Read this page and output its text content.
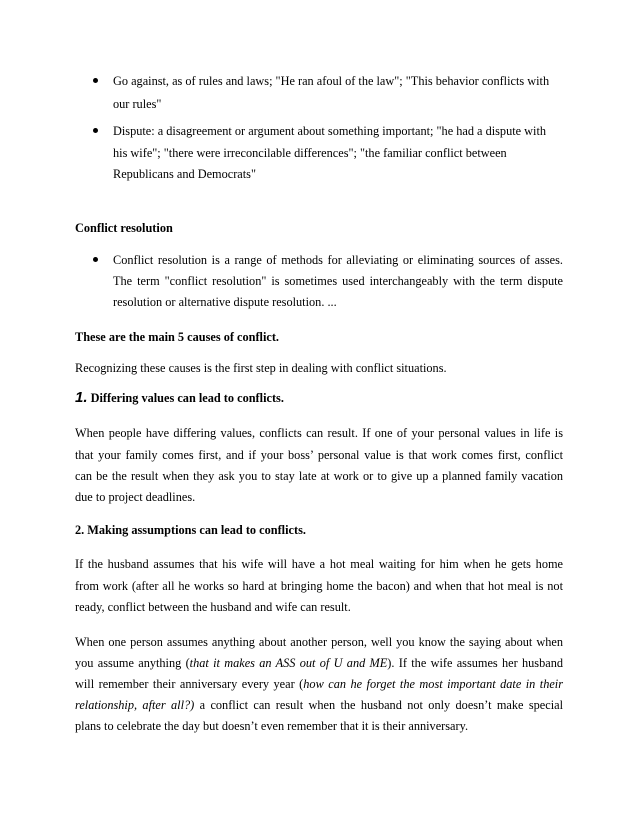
Go against, as of rules and laws; "He ran afoul of the law"; "This behavior conflicts with
our rules"
Dispute: a disagreement or argument about something important; "he had a dispute with
his wife"; "there were irreconcilable differences"; "the familiar conflict between
Republicans and Democrats"
Conflict resolution
Conflict resolution is a range of methods for alleviating or eliminating sources of asses.
The term "conflict resolution" is sometimes used interchangeably with the term dispute
resolution or alternative dispute resolution. ...
These are the main 5 causes of conflict.
Recognizing these causes is the first step in dealing with conflict situations.
1. Differing values can lead to conflicts.
When people have differing values, conflicts can result. If one of your personal values in life is
that your family comes first, and if your boss’ personal value is that work comes first, conflict
can be the result when they ask you to stay late at work or to give up a planned family vacation
due to project deadlines.
2. Making assumptions can lead to conflicts.
If the husband assumes that his wife will have a hot meal waiting for him when he gets home
from work (after all he works so hard at bringing home the bacon) and when that hot meal is not
ready, conflict between the husband and wife can result.
When one person assumes anything about another person, well you know the saying about when
you assume anything (that it makes an ASS out of U and ME). If the wife assumes her husband
will remember their anniversary every year (how can he forget the most important date in their
relationship, after all?) a conflict can result when the husband not only doesn’t make special
plans to celebrate the day but doesn’t even remember that it is their anniversary.
